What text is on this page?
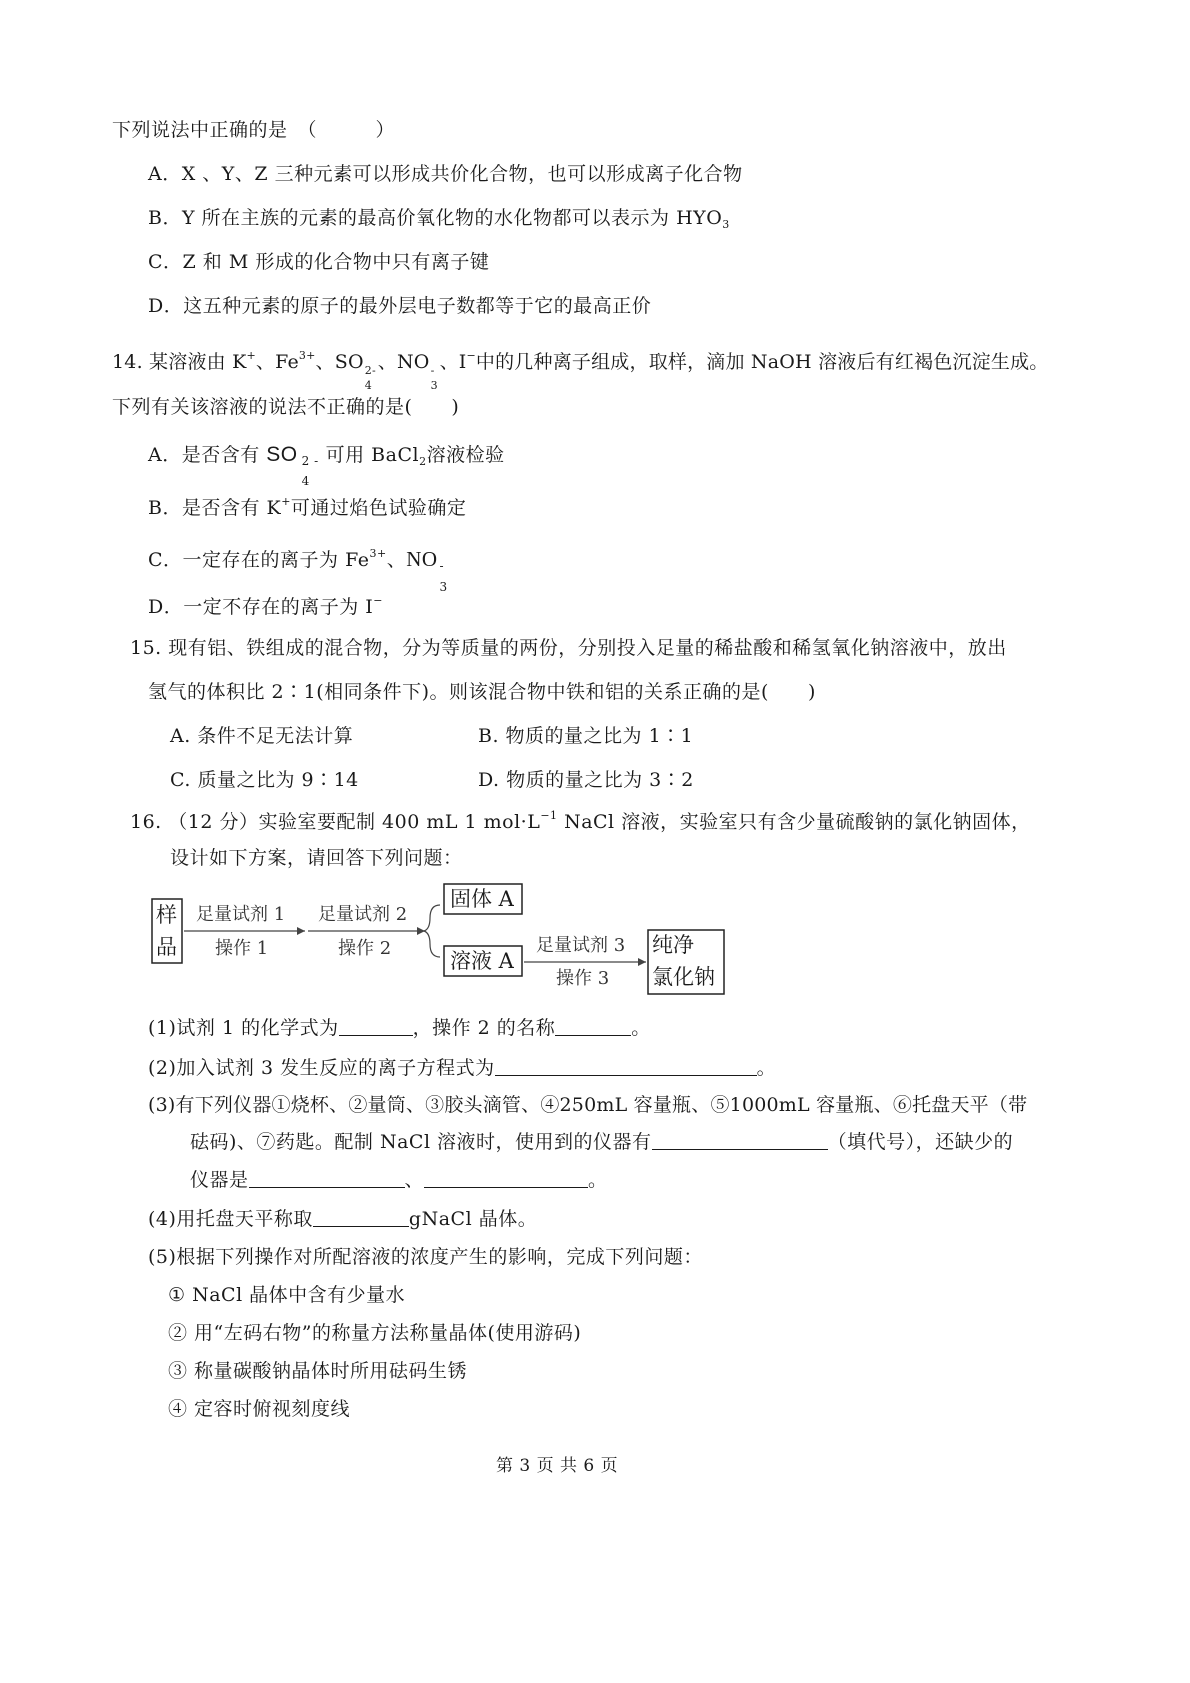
下列说法中正确的是 （　　　）
A．X 、Y、Z 三种元素可以形成共价化合物，也可以形成离子化合物
B．Y 所在主族的元素的最高价氧化物的水化物都可以表示为 $HYO_3$
C．Z 和 M 形成的化合物中只有离子键
D．这五种元素的原子的最外层电子数都等于它的最高正价
14. 某溶液由 K+、$Fe^{3+}$、SO 2-
4
、NO -
3
、I−中的几种离子组成，取样，滴加 NaOH 溶液后有红褐色沉淀生成。
下列有关该溶液的说法不正确的是(　　)
A．是否含有 SO 2 -
4
可用 BaCl$_2$溶液检验
B．是否含有 K+可通过焰色试验确定
C．一定存在的离子为 $Fe^{3+}$、NO -
3
D．一定不存在的离子为 I−
15. 现有铝、铁组成的混合物，分为等质量的两份，分别投入足量的稀盐酸和稀氢氧化钠溶液中，放出
氢气的体积比 2∶1(相同条件下)。则该混合物中铁和铝的关系正确的是(　　)
A. 条件不足无法计算	B. 物质的量之比为 1∶1
C. 质量之比为 9∶14	D. 物质的量之比为 3∶2
16. （12 分）实验室要配制 400 mL 1 $mol\cdot L^{-1}$ NaCl 溶液，实验室只有含少量硫酸钠的氯化钠固体，
设计如下方案，请回答下列问题：
样
品
足量试剂 1
操作 1
足量试剂 2
操作 2
固体 A
溶液 A
足量试剂 3
操作 3
纯净
氯化钠
(1)试剂 1 的化学式为	，操作 2 的名称	。
(2)加入试剂 3 发生反应的离子方程式为	。
(3)有下列仪器①烧杯、②量筒、③胶头滴管、④250mL 容量瓶、⑤1000mL 容量瓶、⑥托盘天平（带
砝码)、⑦药匙。配制 NaCl 溶液时，使用到的仪器有	（填代号），还缺少的
仪器是	、	。
(4)用托盘天平称取	gNaCl 晶体。
(5)根据下列操作对所配溶液的浓度产生的影响，完成下列问题：
① NaCl 晶体中含有少量水
② 用“左码右物”的称量方法称量晶体(使用游码)
③ 称量碳酸钠晶体时所用砝码生锈
④ 定容时俯视刻度线
第 3 页 共 6 页
